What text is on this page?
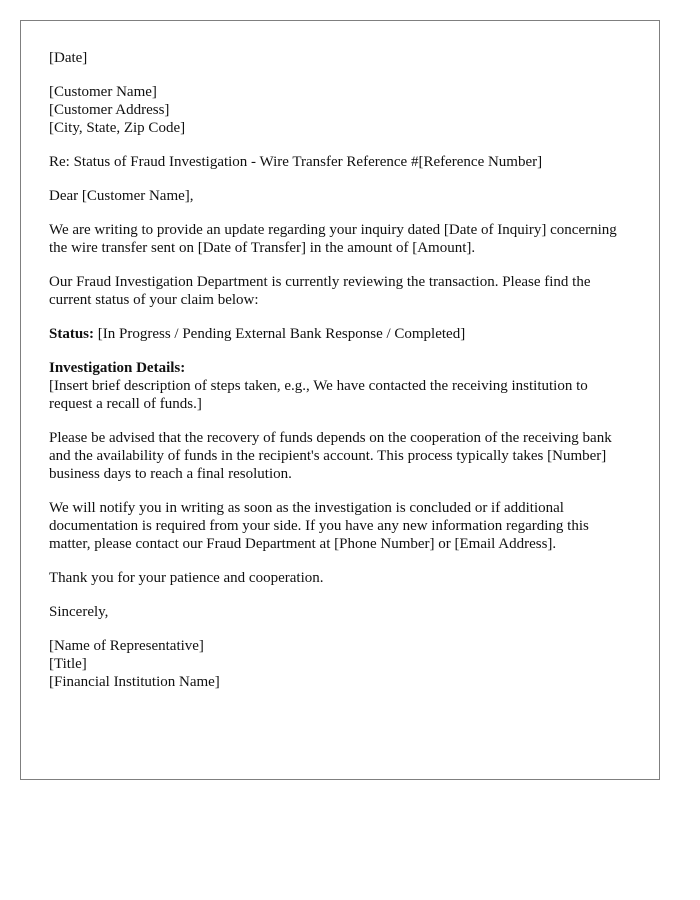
[Date]
[Customer Name]
[Customer Address]
[City, State, Zip Code]
Re: Status of Fraud Investigation - Wire Transfer Reference #[Reference Number]
Dear [Customer Name],
We are writing to provide an update regarding your inquiry dated [Date of Inquiry] concerning the wire transfer sent on [Date of Transfer] in the amount of [Amount].
Our Fraud Investigation Department is currently reviewing the transaction. Please find the current status of your claim below:
Status: [In Progress / Pending External Bank Response / Completed]
Investigation Details:
[Insert brief description of steps taken, e.g., We have contacted the receiving institution to request a recall of funds.]
Please be advised that the recovery of funds depends on the cooperation of the receiving bank and the availability of funds in the recipient's account. This process typically takes [Number] business days to reach a final resolution.
We will notify you in writing as soon as the investigation is concluded or if additional documentation is required from your side. If you have any new information regarding this matter, please contact our Fraud Department at [Phone Number] or [Email Address].
Thank you for your patience and cooperation.
Sincerely,
[Name of Representative]
[Title]
[Financial Institution Name]
